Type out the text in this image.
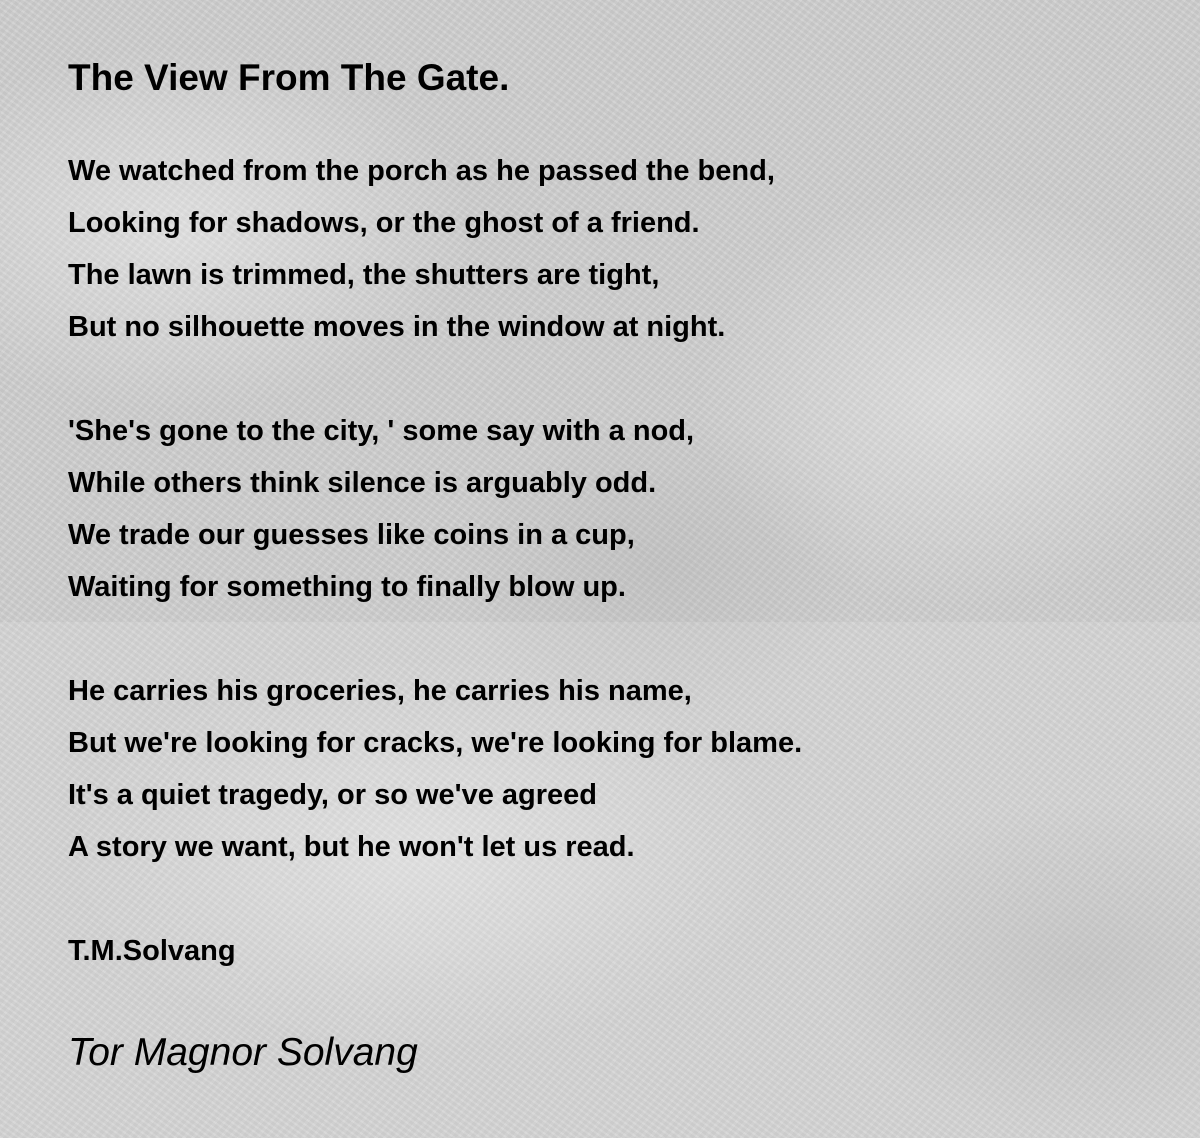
The View From The Gate.
We watched from the porch as he passed the bend,
Looking for shadows, or the ghost of a friend.
The lawn is trimmed, the shutters are tight,
But no silhouette moves in the window at night.
'She's gone to the city, ' some say with a nod,
While others think silence is arguably odd.
We trade our guesses like coins in a cup,
Waiting for something to finally blow up.
He carries his groceries, he carries his name,
But we're looking for cracks, we're looking for blame.
It's a quiet tragedy, or so we've agreed
A story we want, but he won't let us read.
T.M.Solvang
Tor Magnor Solvang
